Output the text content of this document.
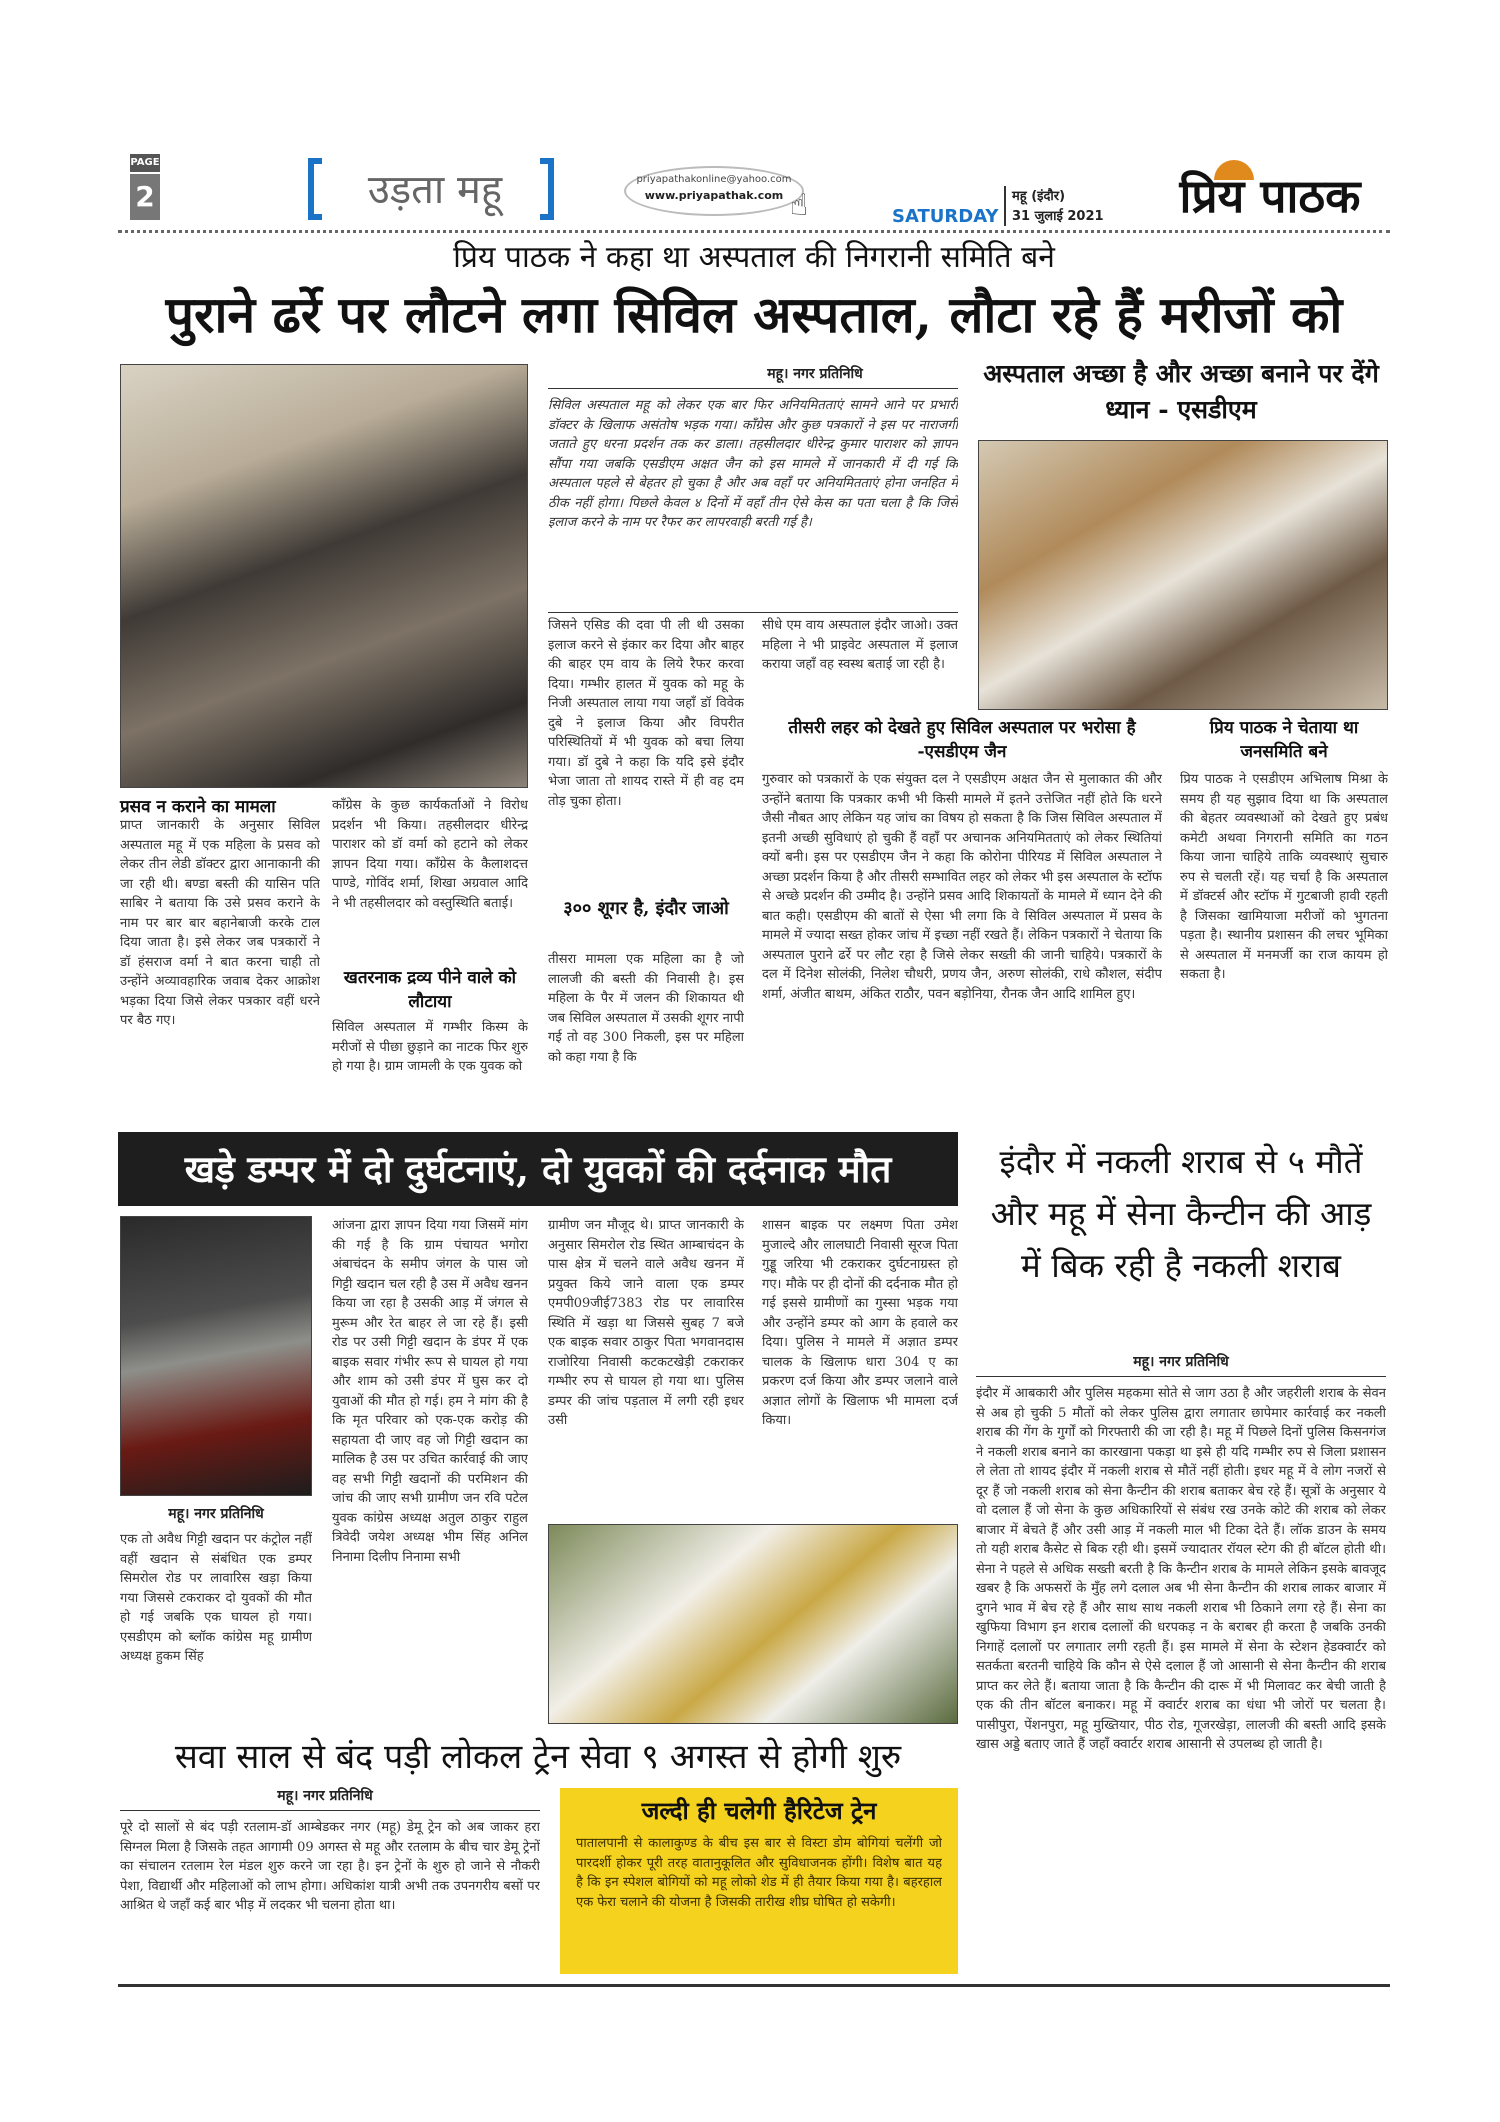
PAGE
2	उड़ता महू	priyapathakonline@yahoo.com
www.priyapathak.com ☝	SATURDAY
महू (इंदौर)
31 जुलाई 2021	प्रिय पाठक
प्रिय पाठक ने कहा था अस्पताल की निगरानी समिति बने
पुराने ढर्रे पर लौटने लगा सिविल अस्पताल, लौटा रहे हैं मरीजों को
महू। नगर प्रतिनिधि
सिविल अस्पताल महू को लेकर एक बार फिर अनियमितताएं सामने आने पर प्रभारी डॉक्टर के खिलाफ असंतोष भड़क गया। कॉंग्रेस और कुछ पत्रकारों ने इस पर नाराजगी जताते हुए धरना प्रदर्शन तक कर डाला। तहसीलदार धीरेन्द्र कुमार पाराशर को ज्ञापन सौंपा गया जबकि एसडीएम अक्षत जैन को इस मामले में जानकारी में दी गई कि अस्पताल पहले से बेहतर हो चुका है और अब वहाँ पर अनियमितताएं होना जनहित में ठीक नहीं होगा। पिछले केवल ४ दिनों में वहाँ तीन ऐसे केस का पता चला है कि जिसे इलाज करने के नाम पर रैफर कर लापरवाही बरती गई है।
अस्पताल अच्छा है और अच्छा बनाने पर देंगे ध्यान - एसडीएम
प्रसव न कराने का मामला
प्राप्त जानकारी के अनुसार सिविल अस्पताल महू में एक महिला के प्रसव को लेकर तीन लेडी डॉक्टर द्वारा आनाकानी की जा रही थी। बण्डा बस्ती की यासिन पति साबिर ने बताया कि उसे प्रसव कराने के नाम पर बार बार बहानेबाजी करके टाल दिया जाता है। इसे लेकर जब पत्रकारों ने डॉ हंसराज वर्मा ने बात करना चाही तो उन्होंने अव्यावहारिक जवाब देकर आक्रोश भड़का दिया जिसे लेकर पत्रकार वहीं धरने पर बैठ गए।
कॉंग्रेस के कुछ कार्यकर्ताओं ने विरोध प्रदर्शन भी किया। तहसीलदार धीरेन्द्र पाराशर को डॉ वर्मा को हटाने को लेकर ज्ञापन दिया गया। कॉंग्रेस के कैलाशदत्त पाण्डे, गोविंद शर्मा, शिखा अग्रवाल आदि ने भी तहसीलदार को वस्तुस्थिति बताई।
खतरनाक द्रव्य पीने वाले को लौटाया
सिविल अस्पताल में गम्भीर किस्म के मरीजों से पीछा छुड़ाने का नाटक फिर शुरु हो गया है। ग्राम जामली के एक युवक को
जिसने एसिड की दवा पी ली थी उसका इलाज करने से इंकार कर दिया और बाहर की बाहर एम वाय के लिये रैफर करवा दिया। गम्भीर हालत में युवक को महू के निजी अस्पताल लाया गया जहाँ डॉ विवेक दुबे ने इलाज किया और विपरीत परिस्थितियों में भी युवक को बचा लिया गया। डॉ दुबे ने कहा कि यदि इसे इंदौर भेजा जाता तो शायद रास्ते में ही वह दम तोड़ चुका होता।
३०० शूगर है, इंदौर जाओ
तीसरा मामला एक महिला का है जो लालजी की बस्ती की निवासी है। इस महिला के पैर में जलन की शिकायत थी जब सिविल अस्पताल में उसकी शूगर नापी गई तो वह 300 निकली, इस पर महिला को कहा गया है कि
सीधे एम वाय अस्पताल इंदौर जाओ। उक्त महिला ने भी प्राइवेट अस्पताल में इलाज कराया जहाँ वह स्वस्थ बताई जा रही है।
तीसरी लहर को देखते हुए सिविल अस्पताल पर भरोसा है -एसडीएम जैन
गुरुवार को पत्रकारों के एक संयुक्त दल ने एसडीएम अक्षत जैन से मुलाकात की और उन्होंने बताया कि पत्रकार कभी भी किसी मामले में इतने उत्तेजित नहीं होते कि धरने जैसी नौबत आए लेकिन यह जांच का विषय हो सकता है कि जिस सिविल अस्पताल में इतनी अच्छी सुविधाएं हो चुकी हैं वहाँ पर अचानक अनियमितताएं को लेकर स्थितियां क्यों बनी। इस पर एसडीएम जैन ने कहा कि कोरोना पीरियड में सिविल अस्पताल ने अच्छा प्रदर्शन किया है और तीसरी सम्भावित लहर को लेकर भी इस अस्पताल के स्टॉफ से अच्छे प्रदर्शन की उम्मीद है। उन्होंने प्रसव आदि शिकायतों के मामले में ध्यान देने की बात कही। एसडीएम की बातों से ऐसा भी लगा कि वे सिविल अस्पताल में प्रसव के मामले में ज्यादा सख्त होकर जांच में इच्छा नहीं रखते हैं। लेकिन पत्रकारों ने चेताया कि अस्पताल पुराने ढर्रे पर लौट रहा है जिसे लेकर सख्ती की जानी चाहिये। पत्रकारों के दल में दिनेश सोलंकी, निलेश चौधरी, प्रणय जैन, अरुण सोलंकी, राधे कौशल, संदीप शर्मा, अंजीत बाथम, अंकित राठौर, पवन बड़ोनिया, रौनक जैन आदि शामिल हुए।
प्रिय पाठक ने चेताया था जनसमिति बने
प्रिय पाठक ने एसडीएम अभिलाष मिश्रा के समय ही यह सुझाव दिया था कि अस्पताल की बेहतर व्यवस्थाओं को देखते हुए प्रबंध कमेटी अथवा निगरानी समिति का गठन किया जाना चाहिये ताकि व्यवस्थाएं सुचारु रुप से चलती रहें। यह चर्चा है कि अस्पताल में डॉक्टर्स और स्टॉफ में गुटबाजी हावी रहती है जिसका खामियाजा मरीजों को भुगतना पड़ता है। स्थानीय प्रशासन की लचर भूमिका से अस्पताल में मनमर्जी का राज कायम हो सकता है।
खड़े डम्पर में दो दुर्घटनाएं, दो युवकों की दर्दनाक मौत
महू। नगर प्रतिनिधि
एक तो अवैध गिट्टी खदान पर कंट्रोल नहीं वहीं खदान से संबंधित एक डम्पर सिमरोल रोड पर लावारिस खड़ा किया गया जिससे टकराकर दो युवकों की मौत हो गई जबकि एक घायल हो गया। एसडीएम को ब्लॉक कांग्रेस महू ग्रामीण अध्यक्ष हुकम सिंह
आंजना द्वारा ज्ञापन दिया गया जिसमें मांग की गई है कि ग्राम पंचायत भगोरा अंबाचंदन के समीप जंगल के पास जो गिट्टी खदान चल रही है उस में अवैध खनन किया जा रहा है उसकी आड़ में जंगल से मुरूम और रेत बाहर ले जा रहे हैं। इसी रोड पर उसी गिट्टी खदान के डंपर में एक बाइक सवार गंभीर रूप से घायल हो गया और शाम को उसी डंपर में घुस कर दो युवाओं की मौत हो गई। हम ने मांग की है कि मृत परिवार को एक-एक करोड़ की सहायता दी जाए वह जो गिट्टी खदान का मालिक है उस पर उचित कार्रवाई की जाए वह सभी गिट्टी खदानों की परमिशन की जांच की जाए सभी ग्रामीण जन रवि पटेल युवक कांग्रेस अध्यक्ष अतुल ठाकुर राहुल त्रिवेदी जयेश अध्यक्ष भीम सिंह अनिल निनामा दिलीप निनामा सभी
ग्रामीण जन मौजूद थे। प्राप्त जानकारी के अनुसार सिमरोल रोड स्थित आम्बाचंदन के पास क्षेत्र में चलने वाले अवैध खनन में प्रयुक्त किये जाने वाला एक डम्पर एमपी09जीई7383 रोड पर लावारिस स्थिति में खड़ा था जिससे सुबह 7 बजे एक बाइक सवार ठाकुर पिता भगवानदास राजोरिया निवासी कटकटखेड़ी टकराकर गम्भीर रुप से घायल हो गया था। पुलिस डम्पर की जांच पड़ताल में लगी रही इधर उसी
शासन बाइक पर लक्ष्मण पिता उमेश मुजाल्दे और लालघाटी निवासी सूरज पिता गुड्डू जरिया भी टकराकर दुर्घटनाग्रस्त हो गए। मौके पर ही दोनों की दर्दनाक मौत हो गई इससे ग्रामीणों का गुस्सा भड़क गया और उन्होंने डम्पर को आग के हवाले कर दिया। पुलिस ने मामले में अज्ञात डम्पर चालक के खिलाफ धारा 304 ए का प्रकरण दर्ज किया और डम्पर जलाने वाले अज्ञात लोगों के खिलाफ भी मामला दर्ज किया।
इंदौर में नकली शराब से ५ मौतें और महू में सेना कैन्टीन की आड़ में बिक रही है नकली शराब
महू। नगर प्रतिनिधि
इंदौर में आबकारी और पुलिस महकमा सोते से जाग उठा है और जहरीली शराब के सेवन से अब हो चुकी 5 मौतों को लेकर पुलिस द्वारा लगातार छापेमार कार्रवाई कर नकली शराब की गेंग के गुर्गों को गिरफ्तारी की जा रही है। महू में पिछले दिनों पुलिस किसनगंज ने नकली शराब बनाने का कारखाना पकड़ा था इसे ही यदि गम्भीर रुप से जिला प्रशासन ले लेता तो शायद इंदौर में नकली शराब से मौतें नहीं होती। इधर महू में वे लोग नजरों से दूर हैं जो नकली शराब को सेना कैन्टीन की शराब बताकर बेच रहे हैं। सूत्रों के अनुसार ये वो दलाल हैं जो सेना के कुछ अधिकारियों से संबंध रख उनके कोटे की शराब को लेकर बाजार में बेचते हैं और उसी आड़ में नकली माल भी टिका देते हैं। लॉक डाउन के समय तो यही शराब कैसेट से बिक रही थी। इसमें ज्यादातर रॉयल स्टेग की ही बॉटल होती थी। सेना ने पहले से अधिक सख्ती बरती है कि कैन्टीन शराब के मामले लेकिन इसके बावजूद खबर है कि अफसरों के मुँह लगे दलाल अब भी सेना कैन्टीन की शराब लाकर बाजार में दुगने भाव में बेच रहे हैं और साथ साथ नकली शराब भी ठिकाने लगा रहे हैं। सेना का खुफिया विभाग इन शराब दलालों की धरपकड़ न के बराबर ही करता है जबकि उनकी निगाहें दलालों पर लगातार लगी रहती हैं। इस मामले में सेना के स्टेशन हेडक्वार्टर को सतर्कता बरतनी चाहिये कि कौन से ऐसे दलाल हैं जो आसानी से सेना कैन्टीन की शराब प्राप्त कर लेते हैं। बताया जाता है कि कैन्टीन की दारू में भी मिलावट कर बेची जाती है एक की तीन बॉटल बनाकर। महू में क्वार्टर शराब का धंधा भी जोरों पर चलता है। पासीपुरा, पेंशनपुरा, महू मुख्तियार, पीठ रोड, गूजरखेड़ा, लालजी की बस्ती आदि इसके खास अड्डे बताए जाते हैं जहाँ क्वार्टर शराब आसानी से उपलब्ध हो जाती है।
सवा साल से बंद पड़ी लोकल ट्रेन सेवा ९ अगस्त से होगी शुरु
महू। नगर प्रतिनिधि
पूरे दो सालों से बंद पड़ी रतलाम-डॉ आम्बेडकर नगर (महू) डेमू ट्रेन को अब जाकर हरा सिग्नल मिला है जिसके तहत आगामी 09 अगस्त से महू और रतलाम के बीच चार डेमू ट्रेनों का संचालन रतलाम रेल मंडल शुरु करने जा रहा है। इन ट्रेनों के शुरु हो जाने से नौकरी पेशा, विद्यार्थी और महिलाओं को लाभ होगा। अधिकांश यात्री अभी तक उपनगरीय बसों पर आश्रित थे जहाँ कई बार भीड़ में लदकर भी चलना होता था।
जल्दी ही चलेगी हैरिटेज ट्रेन
पातालपानी से कालाकुण्ड के बीच इस बार से विस्टा डोम बोगियां चलेंगी जो पारदर्शी होकर पूरी तरह वातानुकूलित और सुविधाजनक होंगी। विशेष बात यह है कि इन स्पेशल बोगियों को महू लोको शेड में ही तैयार किया गया है। बहरहाल एक फेरा चलाने की योजना है जिसकी तारीख शीघ्र घोषित हो सकेगी।
